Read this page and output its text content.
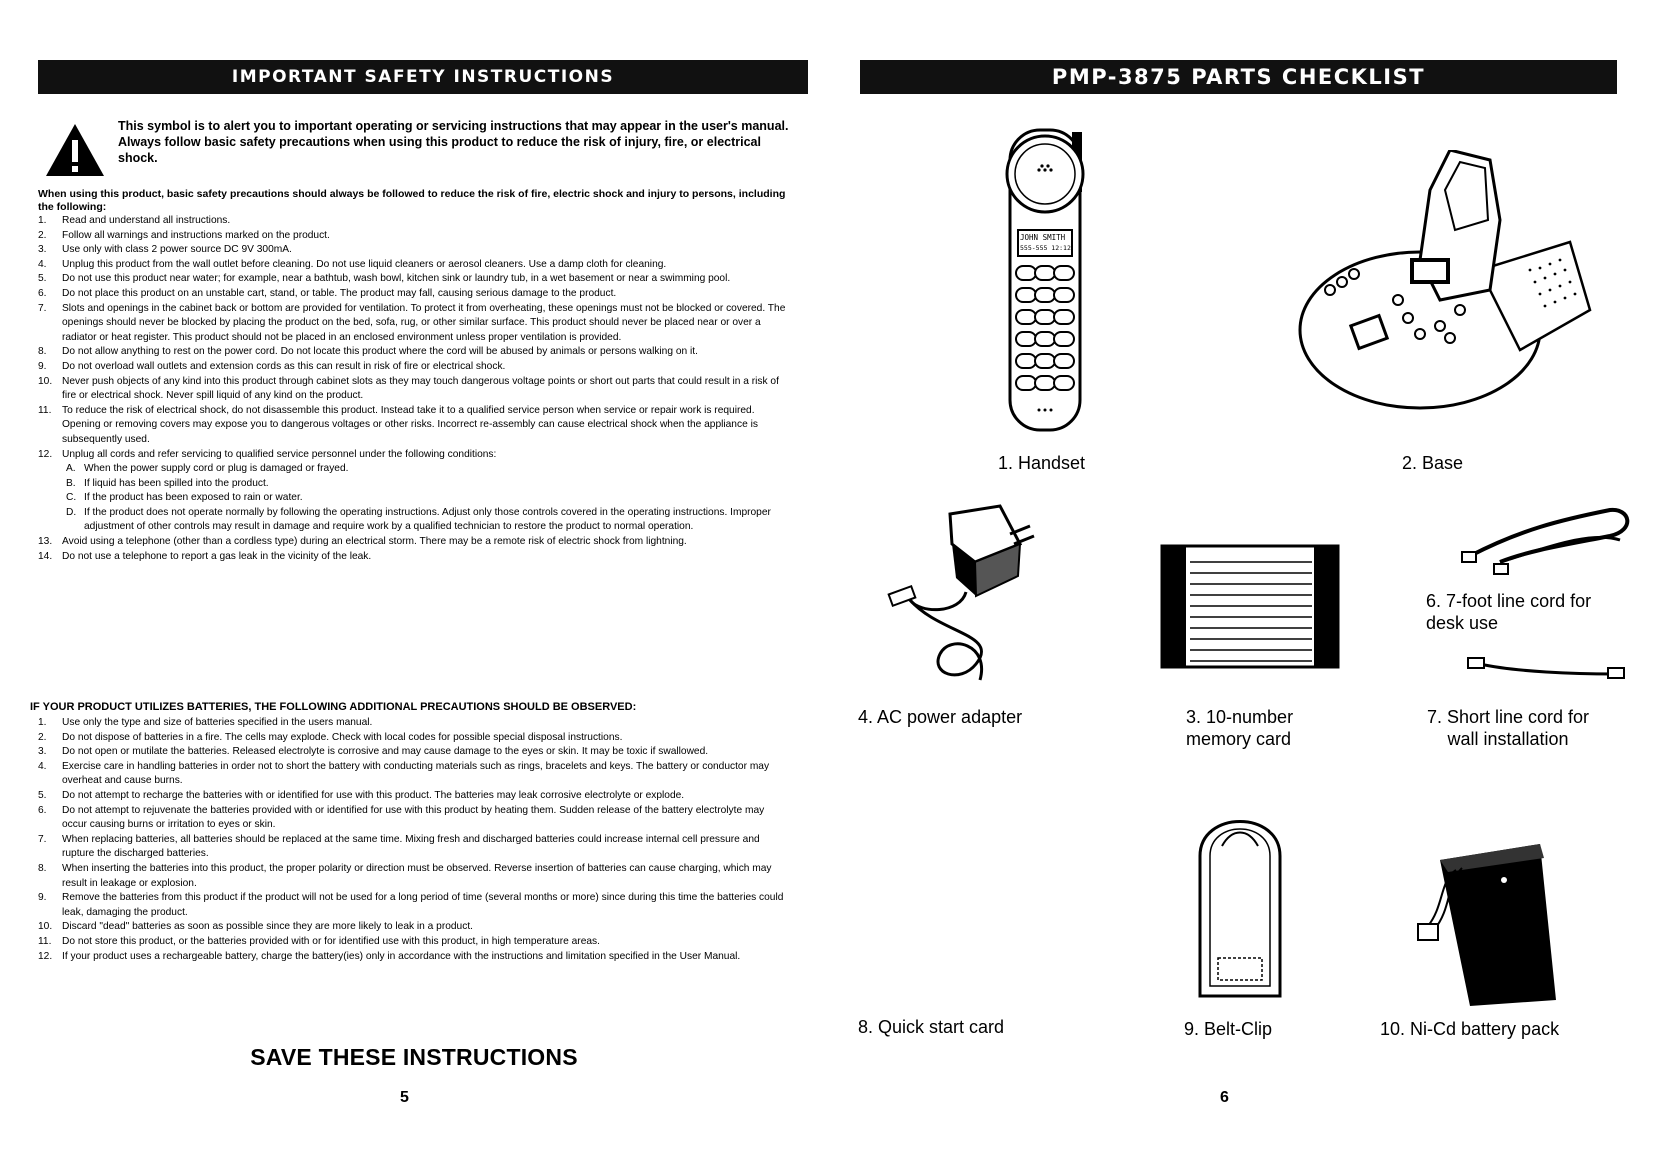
IMPORTANT SAFETY INSTRUCTIONS
This symbol is to alert you to important operating or servicing instructions that may appear in the user's manual. Always follow basic safety precautions when using this product to reduce the risk of injury, fire, or electrical shock.
When using this product, basic safety precautions should always be followed to reduce the risk of fire, electric shock and injury to persons, including the following:
1.	Read and understand all instructions.
2.	Follow all warnings and instructions marked on the product.
3.	Use only with class 2 power source DC 9V 300mA.
4.	Unplug this product from the wall outlet before cleaning. Do not use liquid cleaners or aerosol cleaners. Use a damp cloth for cleaning.
5.	Do not use this product near water; for example, near a bathtub, wash bowl, kitchen sink or laundry tub, in a wet basement or near a swimming pool.
6.	Do not place this product on an unstable cart, stand, or table. The product may fall, causing serious damage to the product.
7.	Slots and openings in the cabinet back or bottom are provided for ventilation. To protect it from overheating, these openings must not be blocked or covered. The openings should never be blocked by placing the product on the bed, sofa, rug, or other similar surface. This product should never be placed near or over a radiator or heat register. This product should not be placed in an enclosed environment unless proper ventilation is provided.
8.	Do not allow anything to rest on the power cord. Do not locate this product where the cord will be abused by animals or persons walking on it.
9.	Do not overload wall outlets and extension cords as this can result in risk of fire or electrical shock.
10. Never push objects of any kind into this product through cabinet slots as they may touch dangerous voltage points or short out parts that could result in a risk of fire or electrical shock. Never spill liquid of any kind on the product.
11.	To reduce the risk of electrical shock, do not disassemble this product. Instead take it to a qualified service person when service or repair work is required. Opening or removing covers may expose you to dangerous voltages or other risks. Incorrect re-assembly can cause electrical shock when the appliance is subsequently used.
12. Unplug all cords and refer servicing to qualified service personnel under the following conditions:
A. When the power supply cord or plug is damaged or frayed.
B. If liquid has been spilled into the product.
C. If the product has been exposed to rain or water.
D. If the product does not operate normally by following the operating instructions. Adjust only those controls covered in the operating instructions. Improper adjustment of other controls may result in damage and require work by a qualified technician to restore the product to normal operation.
13. Avoid using a telephone (other than a cordless type) during an electrical storm. There may be a remote risk of electric shock from lightning.
14. Do not use a telephone to report a gas leak in the vicinity of the leak.
IF YOUR PRODUCT UTILIZES BATTERIES, THE FOLLOWING ADDITIONAL PRECAUTIONS SHOULD BE OBSERVED:
1.	Use only the type and size of batteries specified in the users manual.
2.	Do not dispose of batteries in a fire. The cells may explode. Check with local codes for possible special disposal instructions.
3.	Do not open or mutilate the batteries. Released electrolyte is corrosive and may cause damage to the eyes or skin. It may be toxic if swallowed.
4.	Exercise care in handling batteries in order not to short the battery with conducting materials such as rings, bracelets and keys. The battery or conductor may overheat and cause burns.
5.	Do not attempt to recharge the batteries with or identified for use with this product. The batteries may leak corrosive electrolyte or explode.
6.	Do not attempt to rejuvenate the batteries provided with or identified for use with this product by heating them. Sudden release of the battery electrolyte may occur causing burns or irritation to eyes or skin.
7.	When replacing batteries, all batteries should be replaced at the same time. Mixing fresh and discharged batteries could increase internal cell pressure and rupture the discharged batteries.
8.	When inserting the batteries into this product, the proper polarity or direction must be observed. Reverse insertion of batteries can cause charging, which may result in leakage or explosion.
9.	Remove the batteries from this product if the product will not be used for a long period of time (several months or more) since during this time the batteries could leak, damaging the product.
10. Discard "dead" batteries as soon as possible since they are more likely to leak in a product.
11.	Do not store this product, or the batteries provided with or for identified use with this product, in high temperature areas.
12. If your product uses a rechargeable battery, charge the battery(ies) only in accordance with the instructions and limitation specified in the User Manual.
SAVE THESE INSTRUCTIONS
5
PMP-3875 PARTS CHECKLIST
JOHN SMITH
555-555 12:12
1. Handset	2. Base
4. AC power adapter	3. 10-number memory card
6. 7-foot line cord for desk use
7. Short line cord for wall installation
8. Quick start card	9. Belt-Clip	10. Ni-Cd battery pack
6
